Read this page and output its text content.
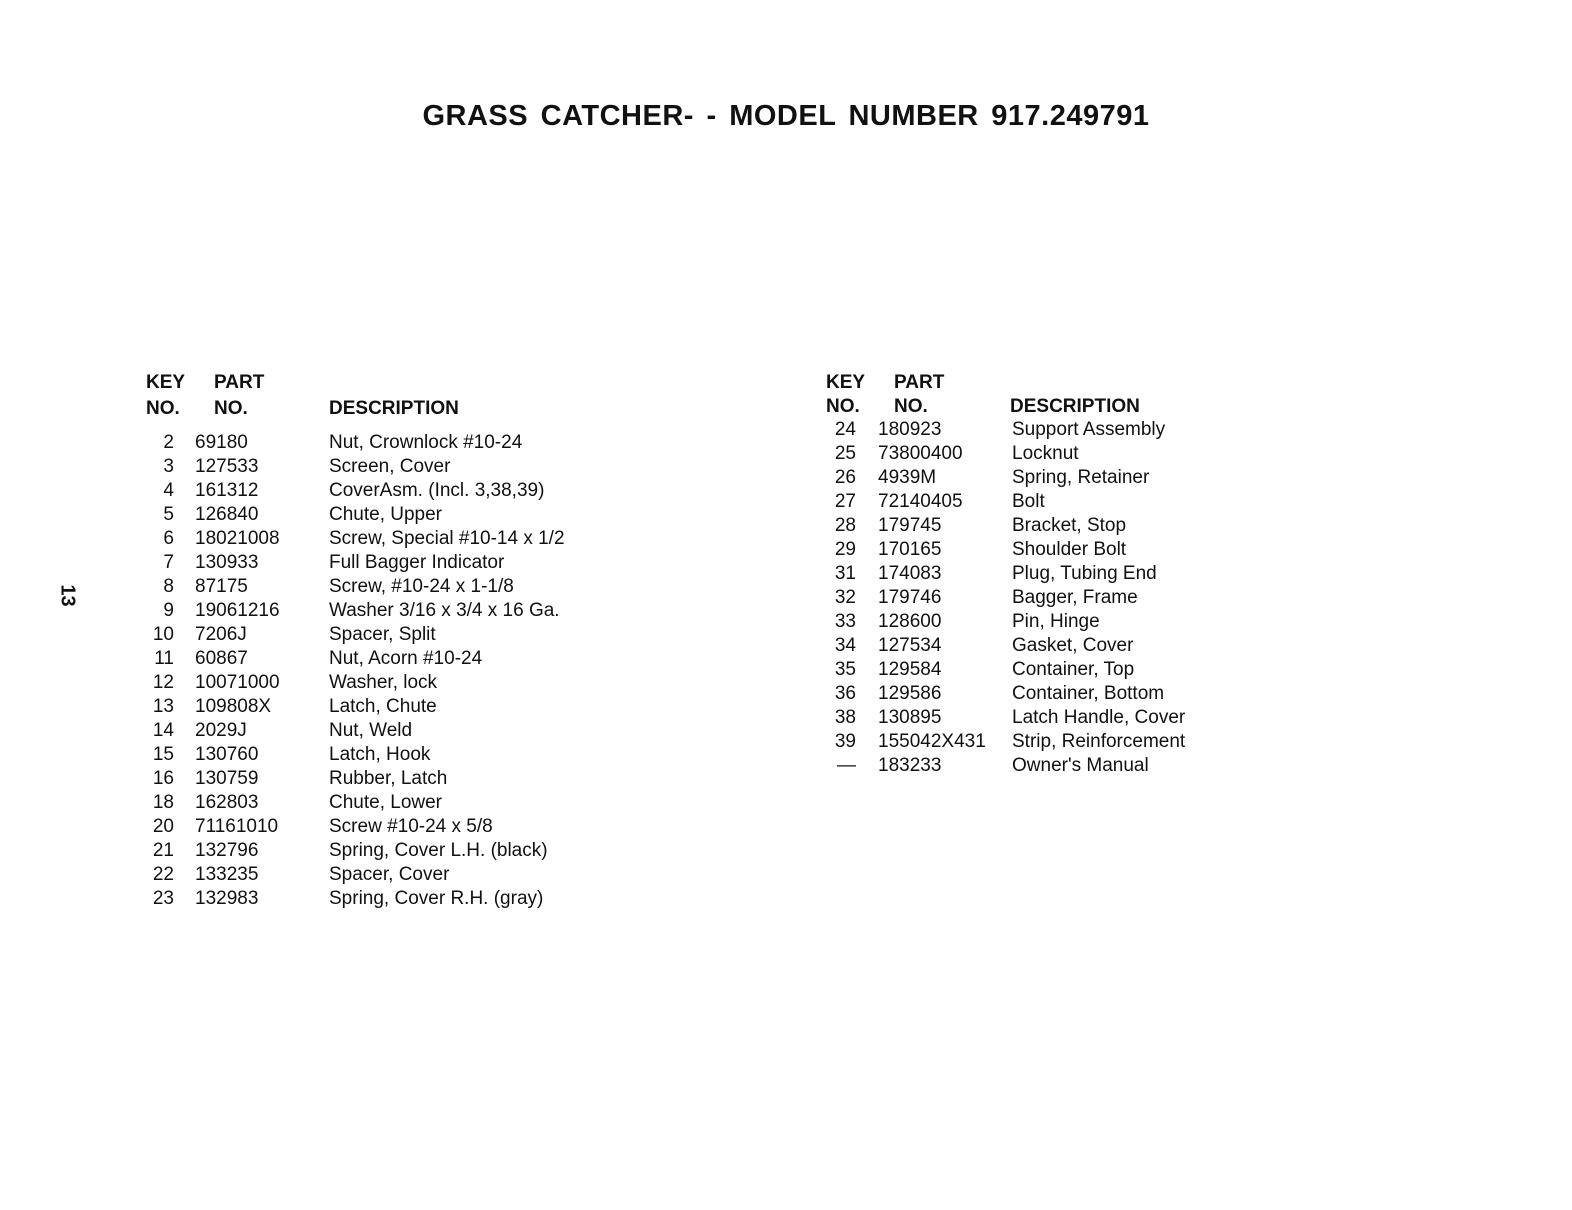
GRASS CATCHER- - MODEL NUMBER 917.249791
13
KEY
NO.
PART
NO.	DESCRIPTION
2 69180	Nut, Crownlock #10-24
3 127533	Screen, Cover
4 161312	CoverAsm. (Incl. 3,38,39)
5 126840	Chute, Upper
6 18021008	Screw, Special #10-14 x 1/2
7 130933	Full Bagger Indicator
8 87175	Screw, #10-24 x 1-1/8
9 19061216	Washer 3/16 x 3/4 x 16 Ga.
10 7206J	Spacer, Split
11 60867	Nut, Acorn #10-24
12 10071000	Washer, lock
13 109808X	Latch, Chute
14 2029J	Nut, Weld
15 130760	Latch, Hook
16 130759	Rubber, Latch
18 162803	Chute, Lower
20 71161010	Screw #10-24 x 5/8
21 132796	Spring, Cover L.H. (black)
22 133235	Spacer, Cover
23 132983	Spring, Cover R.H. (gray)
KEY
NO.
PART
NO.	DESCRIPTION
24 180923	Support Assembly
25 73800400	Locknut
26 4939M	Spring, Retainer
27 72140405	Bolt
28 179745	Bracket, Stop
29 170165	Shoulder Bolt
31 174083	Plug, Tubing End
32 179746	Bagger, Frame
33 128600	Pin, Hinge
34 127534	Gasket, Cover
35 129584	Container, Top
36 129586	Container, Bottom
38 130895	Latch Handle, Cover
39 155042X431 Strip, Reinforcement
— 183233	Owner's Manual
